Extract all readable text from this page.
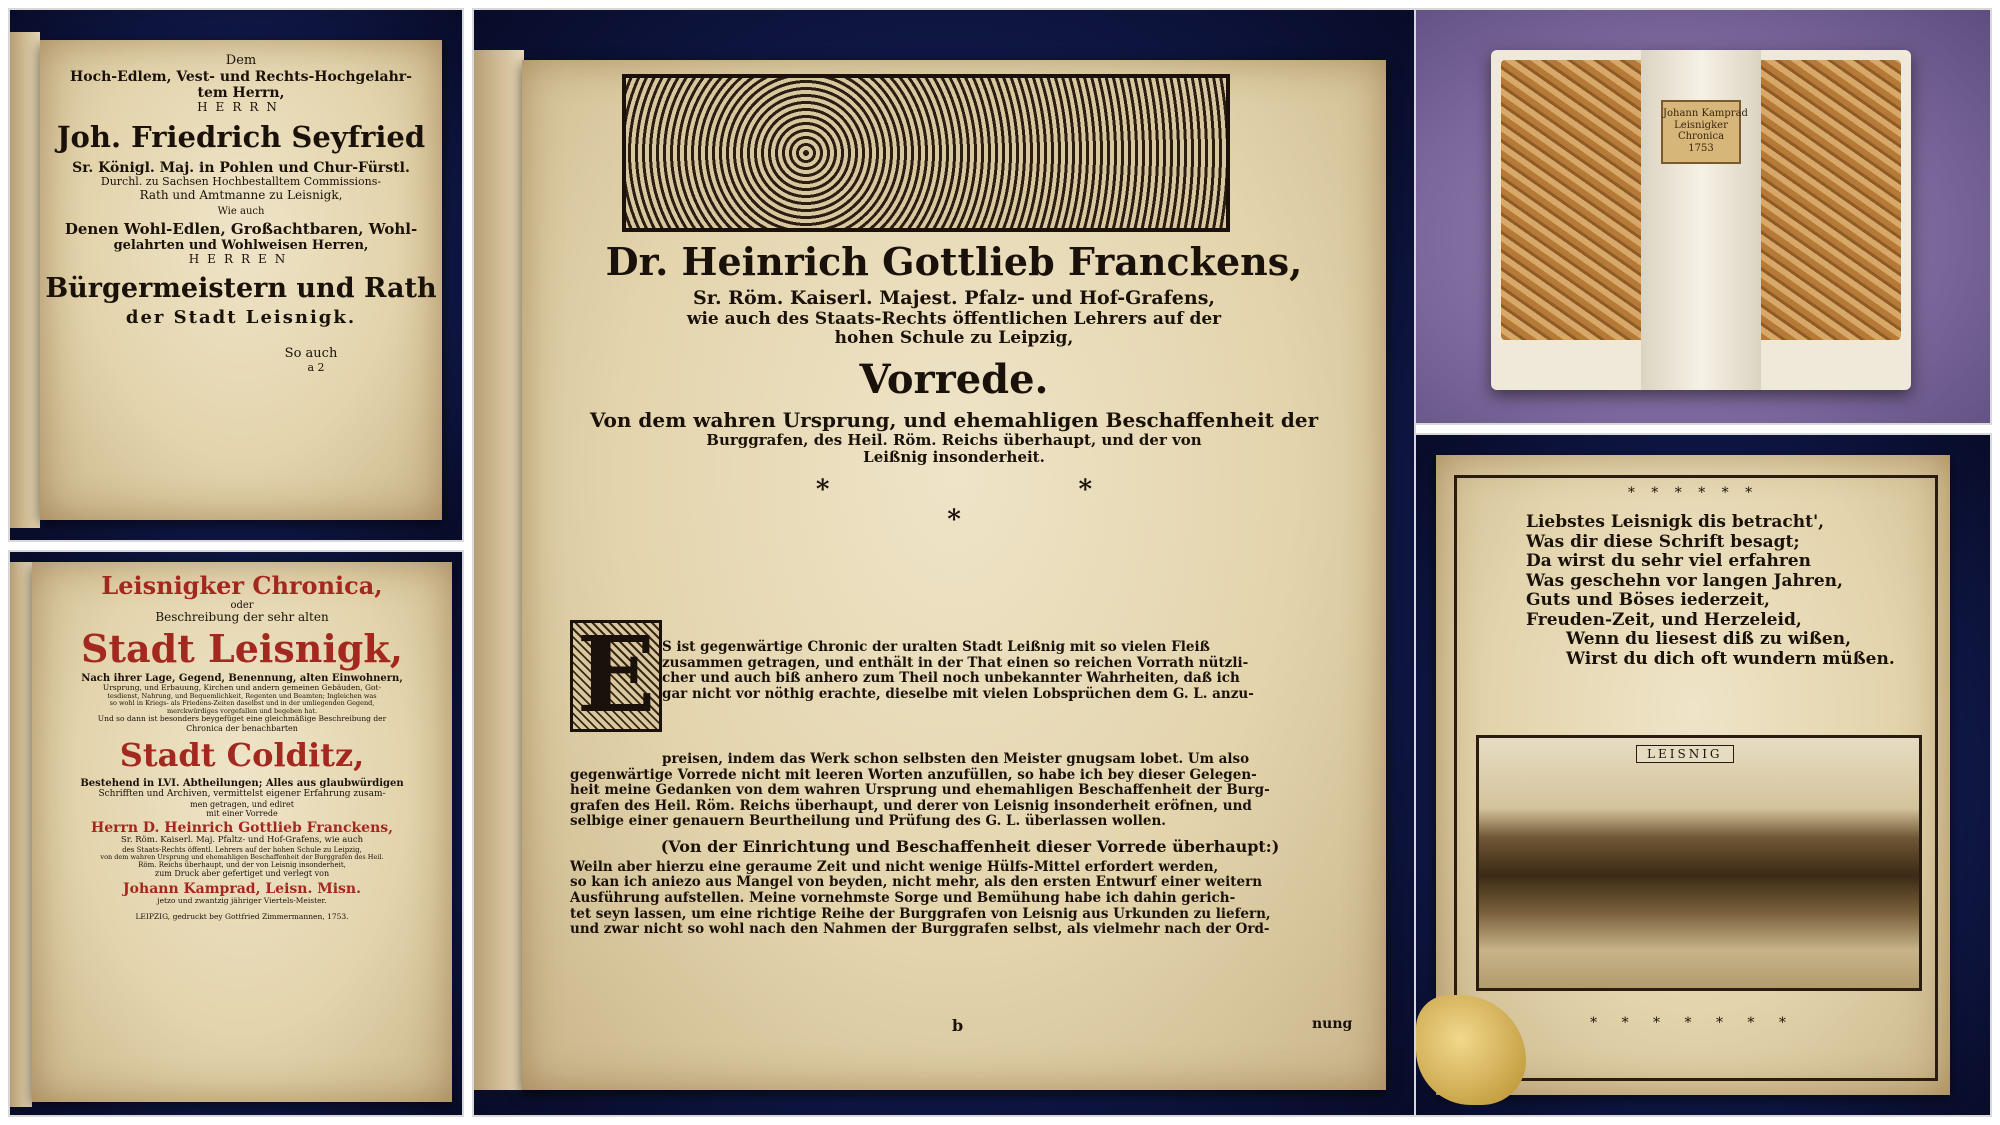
Dem
Hoch-Edlem, Vest- und Rechts-Hochgelahr-
tem Herrn,
HERRN
Joh. Friedrich Seyfried
Sr. Königl. Maj. in Pohlen und Chur-Fürstl.
Durchl. zu Sachsen Hochbestalltem Commissions-
Rath und Amtmanne zu Leisnigk,
Wie auch
Denen Wohl-Edlen, Großachtbaren, Wohl-
gelahrten und Wohlweisen Herren,
HERREN
Bürgermeistern und Rath
der Stadt Leisnigk.
So auch
a 2
Leisnigker Chronica,
oder
Beschreibung der sehr alten
Stadt Leisnigk,
Nach ihrer Lage, Gegend, Benennung, alten Einwohnern,
Ursprung, und Erbauung, Kirchen und andern gemeinen Gebäuden, Got-
tesdienst, Nahrung, und Bequemlichkeit, Regenten und Beamten; Ingleichen was
so wohl in Kriegs- als Friedens-Zeiten daselbst und in der umliegenden Gegend,
merckwürdiges vorgefallen und begeben hat.
Und so dann ist besonders beygefüget eine gleichmäßige Beschreibung der
Chronica der benachbarten
Stadt Colditz,
Bestehend in LVI. Abtheilungen; Alles aus glaubwürdigen
Schrifften und Archiven, vermittelst eigener Erfahrung zusam-
men getragen, und ediret
mit einer Vorrede
Herrn D. Heinrich Gottlieb Franckens,
Sr. Röm. Kaiserl. Maj. Pfaltz- und Hof-Grafens, wie auch
des Staats-Rechts öffentl. Lehrers auf der hohen Schule zu Leipzig,
von dem wahren Ursprung und ehemahligen Beschaffenheit der Burggrafen des Heil.
Röm. Reichs überhaupt, und der von Leisnig insonderheit,
zum Druck aber gefertiget und verlegt von
Johann Kamprad, Leisn. Misn.
jetzo und zwantzig jähriger Viertels-Meister.
LEIPZIG, gedruckt bey Gottfried Zimmermannen, 1753.
Dr. Heinrich Gottlieb Franckens,
Sr. Röm. Kaiserl. Majest. Pfalz- und Hof-Grafens,
wie auch des Staats-Rechts öffentlichen Lehrers auf der
hohen Schule zu Leipzig,
Vorrede.
Von dem wahren Ursprung, und ehemahligen Beschaffenheit der
Burggrafen, des Heil. Röm. Reichs überhaupt, und der von
Leißnig insonderheit.
* *
*
E S ist gegenwärtige Chronic der uralten Stadt Leißnig mit so vielen Fleiß
zusammen getragen, und enthält in der That einen so reichen Vorrath nützli-
cher und auch biß anhero zum Theil noch unbekannter Wahrheiten, daß ich
gar nicht vor nöthig erachte, dieselbe mit vielen Lobsprüchen dem G. L. anzu-
preisen, indem das Werk schon selbsten den Meister gnugsam lobet. Um also
gegenwärtige Vorrede nicht mit leeren Worten anzufüllen, so habe ich bey dieser Gelegen-
heit meine Gedanken von dem wahren Ursprung und ehemahligen Beschaffenheit der Burg-
grafen des Heil. Röm. Reichs überhaupt, und derer von Leisnig insonderheit eröfnen, und
selbige einer genauern Beurtheilung und Prüfung des G. L. überlassen wollen.
(Von der Einrichtung und Beschaffenheit dieser Vorrede überhaupt:)
Weiln aber hierzu eine geraume Zeit und nicht wenige Hülfs-Mittel erfordert werden,
so kan ich aniezo aus Mangel von beyden, nicht mehr, als den ersten Entwurf einer weitern
Ausführung aufstellen. Meine vornehmste Sorge und Bemühung habe ich dahin gerich-
tet seyn lassen, um eine richtige Reihe der Burggrafen von Leisnig aus Urkunden zu liefern,
und zwar nicht so wohl nach den Nahmen der Burggrafen selbst, als vielmehr nach der Ord-
b	nung
Johann Kamprad
Leisnigker
Chronica
1753
* * * * * *
Liebstes Leisnigk dis betracht',
Was dir diese Schrift besagt;
Da wirst du sehr viel erfahren
Was geschehn vor langen Jahren,
Guts und Böses iederzeit,
Freuden-Zeit, und Herzeleid,
Wenn du liesest diß zu wißen,
Wirst du dich oft wundern müßen.
LEISNIG
* * * * * * *
